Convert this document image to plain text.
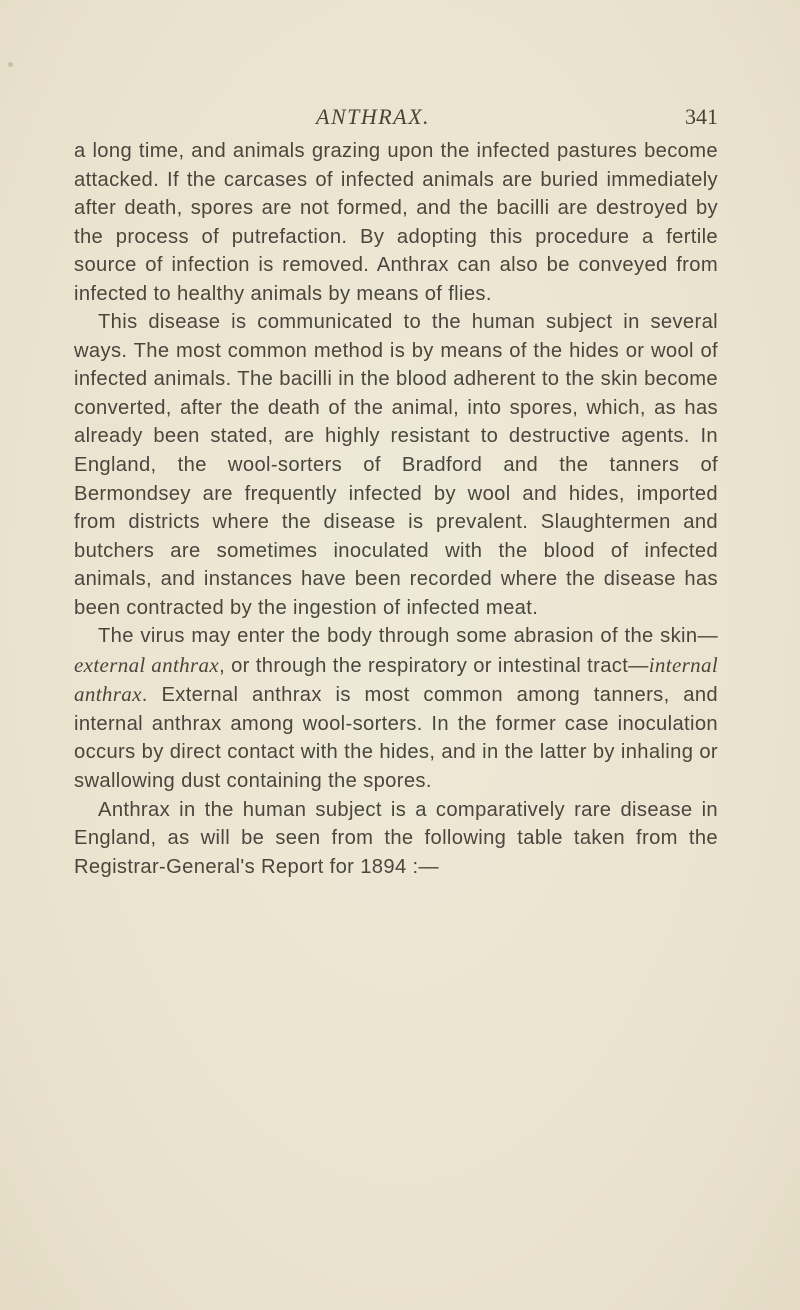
ANTHRAX.	341

a long time, and animals grazing upon the infected pastures become attacked. If the carcases of infected animals are buried immediately after death, spores are not formed, and the bacilli are destroyed by the process of putrefaction. By adopting this procedure a fertile source of infection is removed. Anthrax can also be conveyed from infected to healthy animals by means of flies.

This disease is communicated to the human subject in several ways. The most common method is by means of the hides or wool of infected animals. The bacilli in the blood adherent to the skin become converted, after the death of the animal, into spores, which, as has already been stated, are highly resistant to destructive agents. In England, the wool-sorters of Bradford and the tanners of Bermondsey are frequently infected by wool and hides, imported from districts where the disease is prevalent. Slaughtermen and butchers are sometimes inoculated with the blood of infected animals, and instances have been recorded where the disease has been contracted by the ingestion of infected meat.

The virus may enter the body through some abrasion of the skin—external anthrax, or through the respiratory or intestinal tract—internal anthrax. External anthrax is most common among tanners, and internal anthrax among wool-sorters. In the former case inoculation occurs by direct contact with the hides, and in the latter by inhaling or swallowing dust containing the spores.

Anthrax in the human subject is a comparatively rare disease in England, as will be seen from the following table taken from the Registrar-General's Report for 1894 :—
